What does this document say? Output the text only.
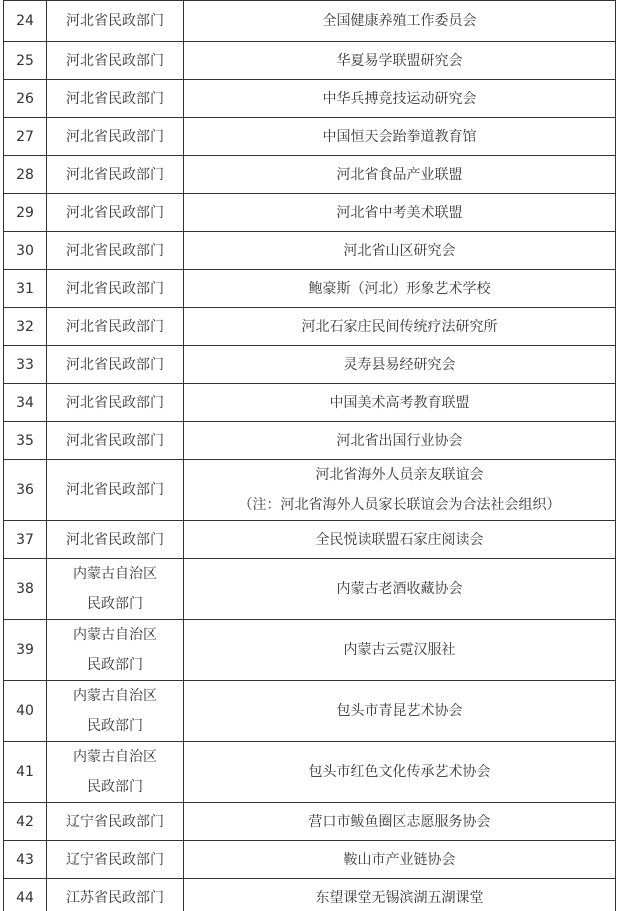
24	河北省民政部门	全国健康养殖工作委员会

25	河北省民政部门	华夏易学联盟研究会

26	河北省民政部门	中华兵搏竞技运动研究会

27	河北省民政部门	中国恒天会跆拳道教育馆

28	河北省民政部门	河北省食品产业联盟

29	河北省民政部门	河北省中考美术联盟

30	河北省民政部门	河北省山区研究会

31	河北省民政部门	鲍豪斯（河北）形象艺术学校

32	河北省民政部门	河北石家庄民间传统疗法研究所

33	河北省民政部门	灵寿县易经研究会

34	河北省民政部门	中国美术高考教育联盟

35	河北省民政部门	河北省出国行业协会

36	河北省民政部门	河北省海外人员亲友联谊会
（注：河北省海外人员家长联谊会为合法社会组织）

37	河北省民政部门	全民悦读联盟石家庄阅读会

38	内蒙古自治区
民政部门	内蒙古老酒收藏协会

39	内蒙古自治区
民政部门	内蒙古云霓汉服社

40	内蒙古自治区
民政部门	包头市青昆艺术协会

41	内蒙古自治区
民政部门	包头市红色文化传承艺术协会

42	辽宁省民政部门	营口市鲅鱼圈区志愿服务协会

43	辽宁省民政部门	鞍山市产业链协会

44	江苏省民政部门	东望课堂无锡滨湖五湖课堂
